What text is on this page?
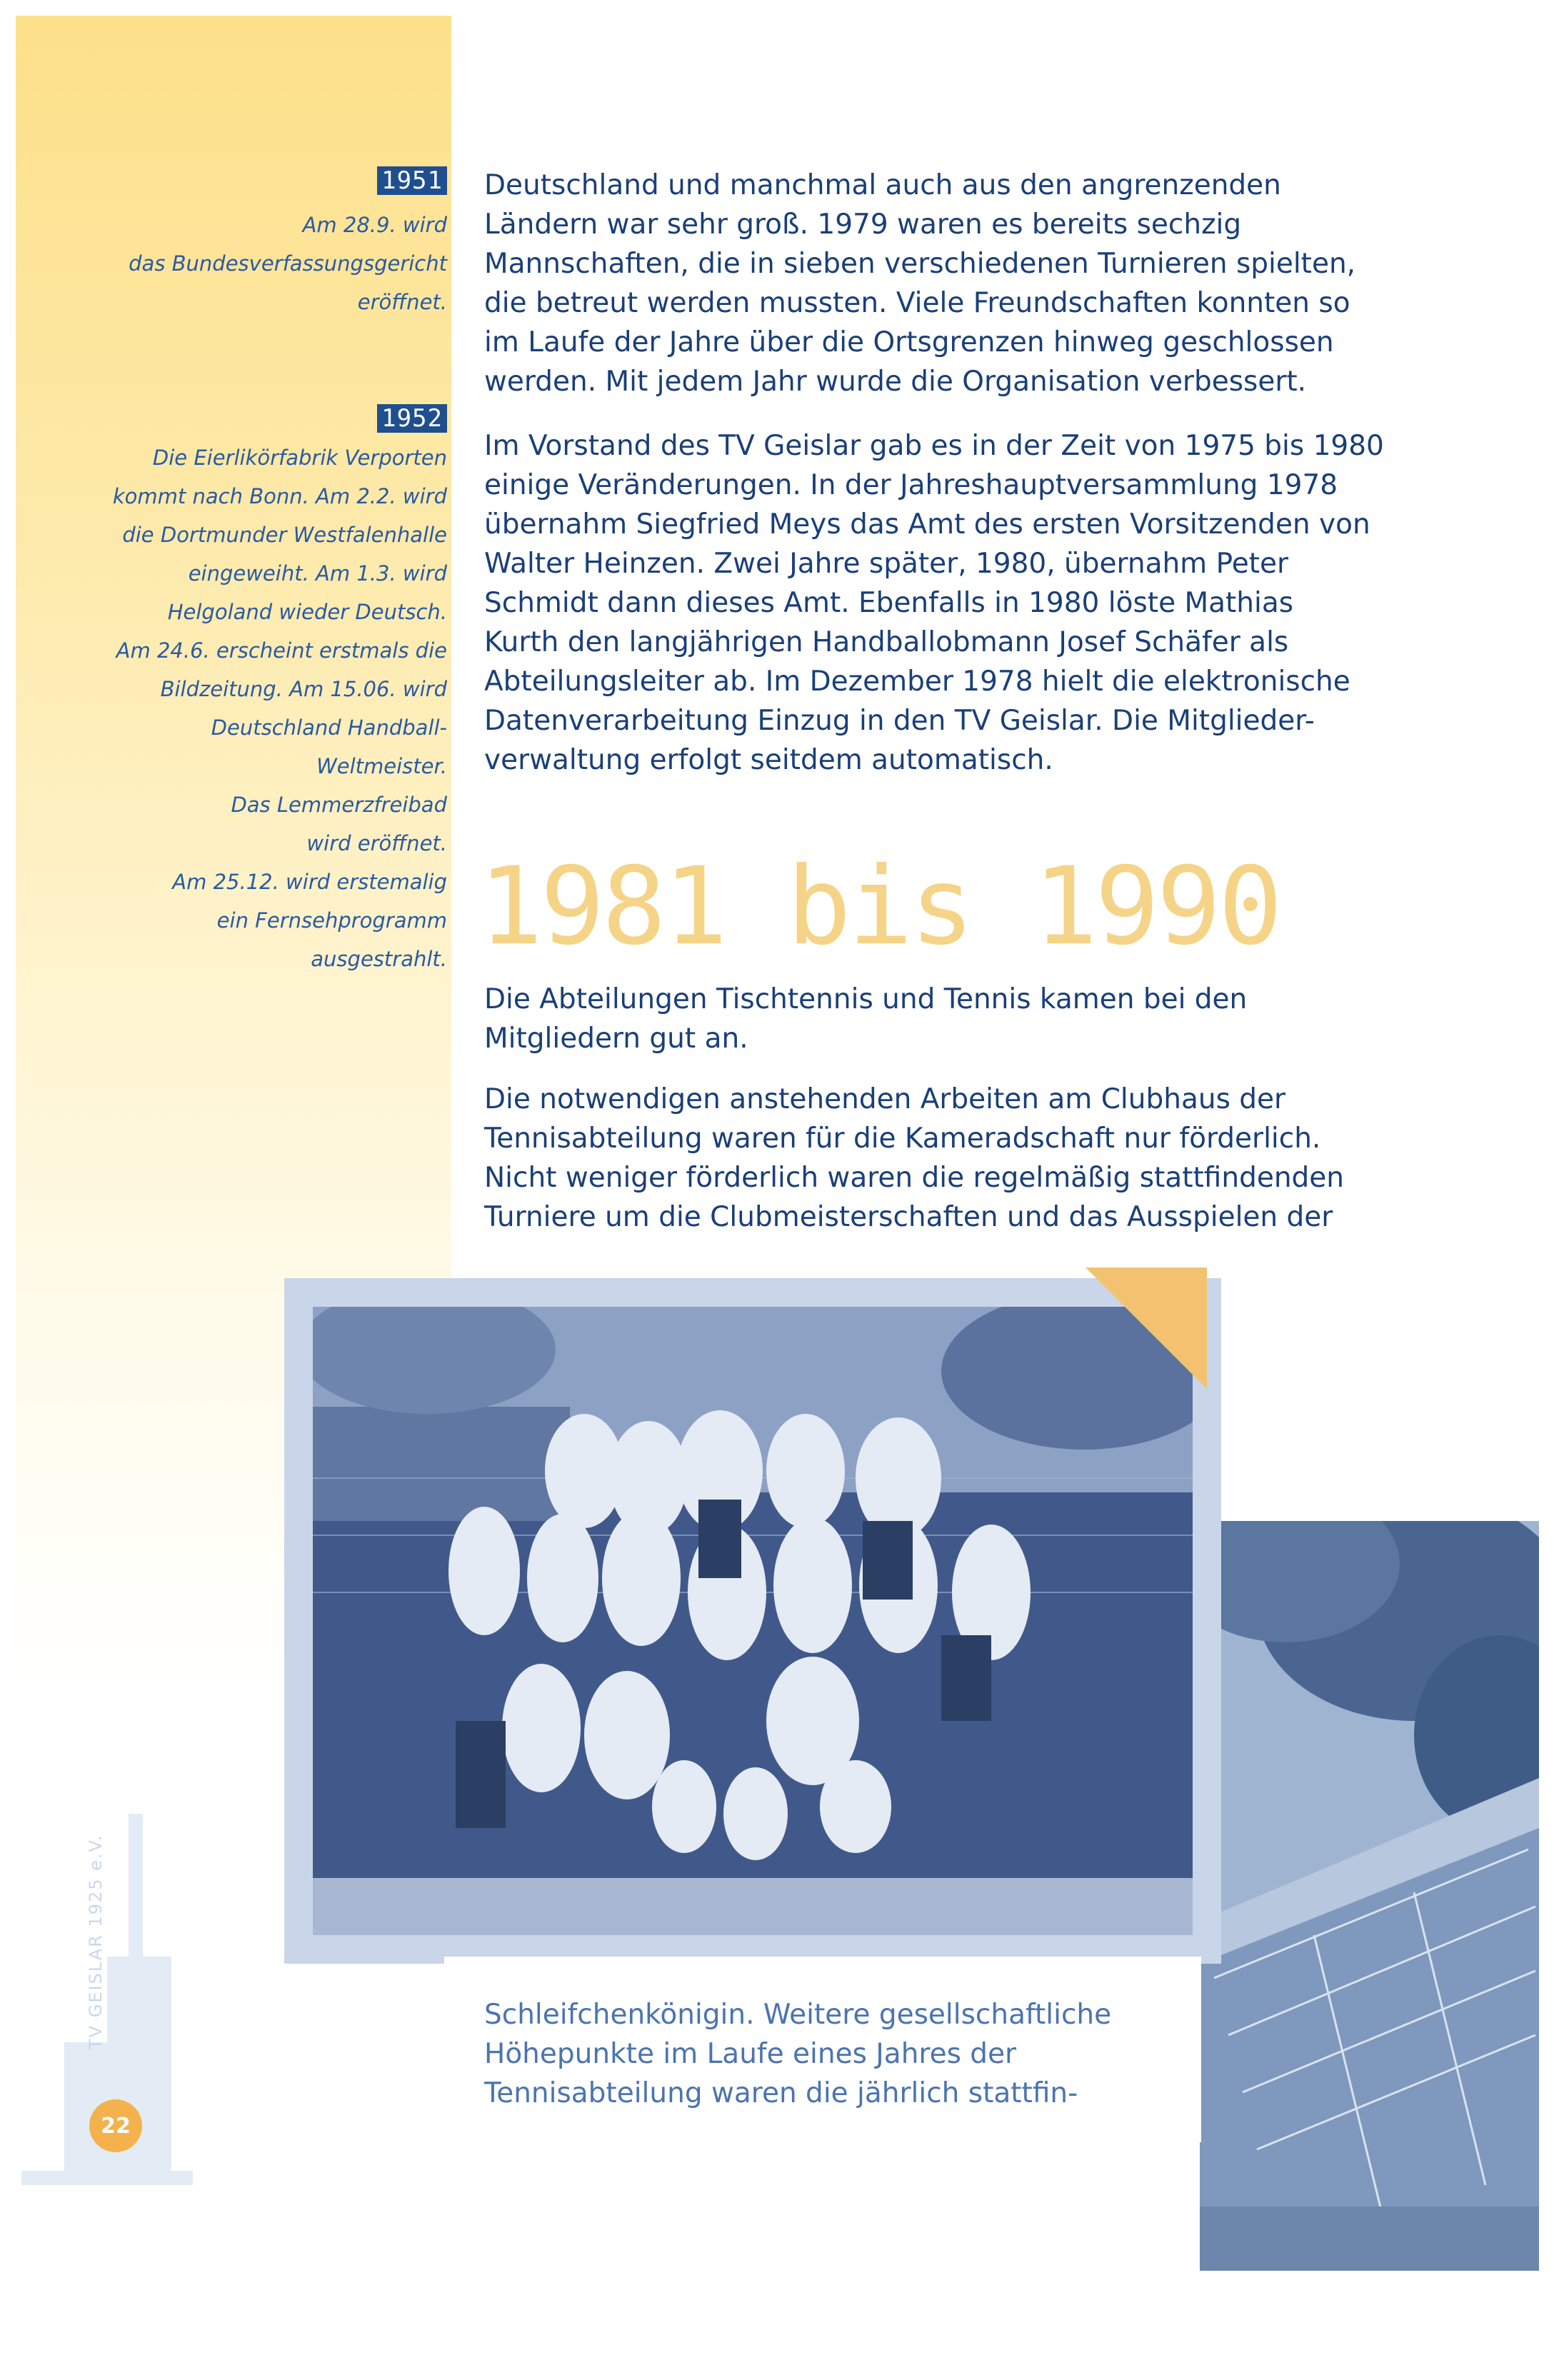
1951
Am 28.9. wird
das Bundesverfassungsgericht
eröffnet.
1952
Die Eierlikörfabrik Verporten
kommt nach Bonn. Am 2.2. wird
die Dortmunder Westfalenhalle
eingeweiht. Am 1.3. wird
Helgoland wieder Deutsch.
Am 24.6. erscheint erstmals die
Bildzeitung. Am 15.06. wird
Deutschland Handball-
Weltmeister.
Das Lemmerzfreibad
wird eröffnet.
Am 25.12. wird erstemalig
ein Fernsehprogramm
ausgestrahlt.
Deutschland und manchmal auch aus den angrenzenden
Ländern war sehr groß. 1979 waren es bereits sechzig
Mannschaften, die in sieben verschiedenen Turnieren spielten,
die betreut werden mussten. Viele Freundschaften konnten so
im Laufe der Jahre über die Ortsgrenzen hinweg geschlossen
werden. Mit jedem Jahr wurde die Organisation verbessert.
Im Vorstand des TV Geislar gab es in der Zeit von 1975 bis 1980
einige Veränderungen. In der Jahreshauptversammlung 1978
übernahm Siegfried Meys das Amt des ersten Vorsitzenden von
Walter Heinzen. Zwei Jahre später, 1980, übernahm Peter
Schmidt dann dieses Amt. Ebenfalls in 1980 löste Mathias
Kurth den langjährigen Handballobmann Josef Schäfer als
Abteilungsleiter ab. Im Dezember 1978 hielt die elektronische
Datenverarbeitung Einzug in den TV Geislar. Die Mitglieder-
verwaltung erfolgt seitdem automatisch.
1981 bis 1990
Die Abteilungen Tischtennis und Tennis kamen bei den
Mitgliedern gut an.
Die notwendigen anstehenden Arbeiten am Clubhaus der
Tennisabteilung waren für die Kameradschaft nur förderlich.
Nicht weniger förderlich waren die regelmäßig stattfindenden
Turniere um die Clubmeisterschaften und das Ausspielen der
Schleifchenkönigin. Weitere gesellschaftliche
Höhepunkte im Laufe eines Jahres der
Tennisabteilung waren die jährlich stattfin-
TV GEISLAR 1925 e.V.
22
